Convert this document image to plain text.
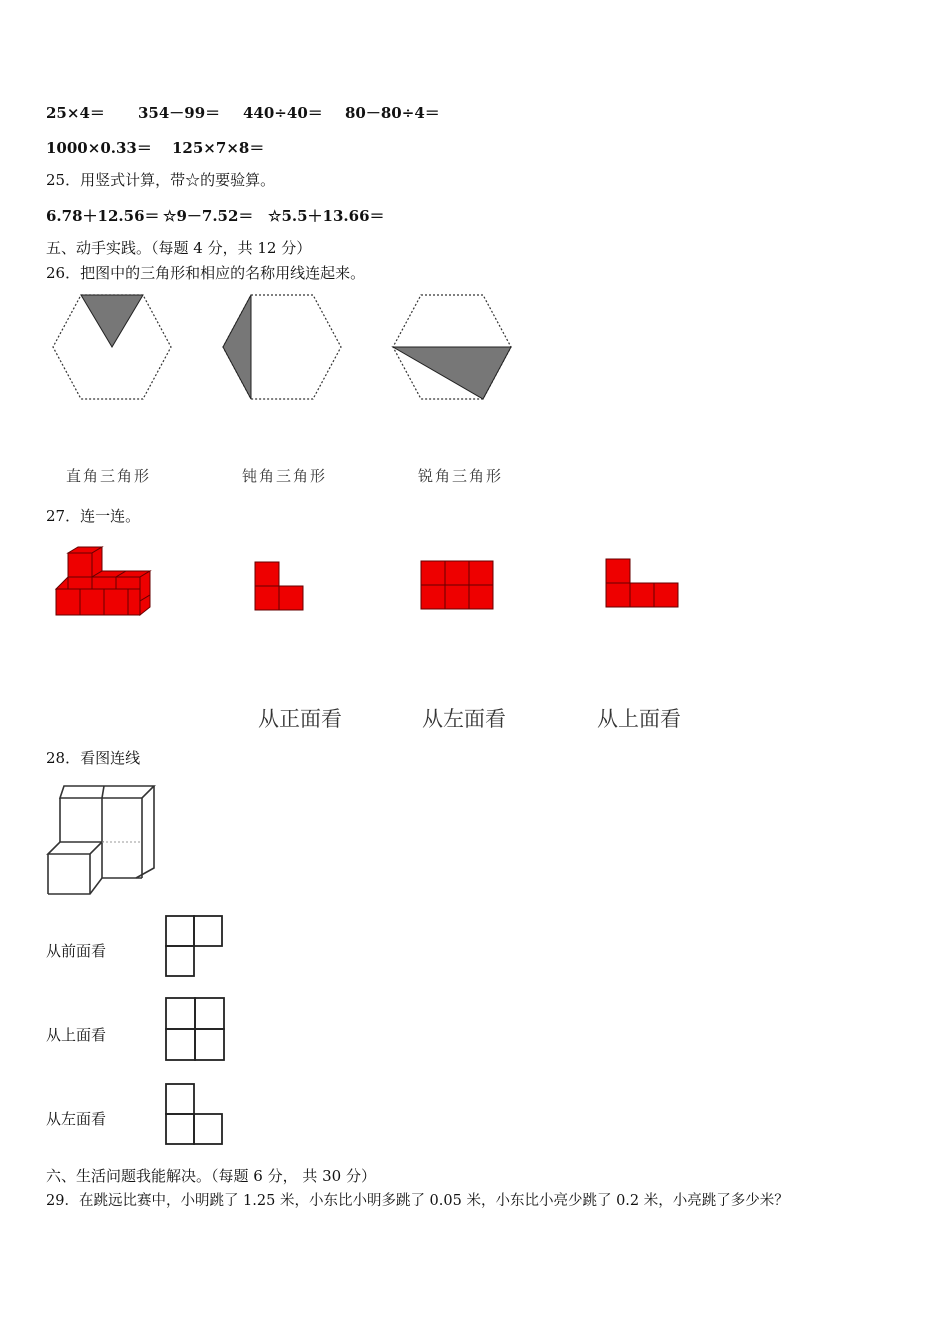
25×4＝ 354－99＝ 440÷40＝ 80－80÷4＝
1000×0.33＝ 125×7×8＝
25．用竖式计算，带☆的要验算。
6.78＋12.56＝ ☆9－7.52＝ ☆5.5＋13.66＝
五、动手实践。（每题 4 分，共 12 分）
26．把图中的三角形和相应的名称用线连起来。
直角三角形	钝角三角形	锐角三角形
27．连一连。
从正面看	从左面看	从上面看
28．看图连线
从前面看
从上面看
从左面看
六、生活问题我能解决。（每题 6 分， 共 30 分）
29．在跳远比赛中，小明跳了 1.25 米，小东比小明多跳了 0.05 米，小东比小亮少跳了 0.2 米，小亮跳了多少米？
